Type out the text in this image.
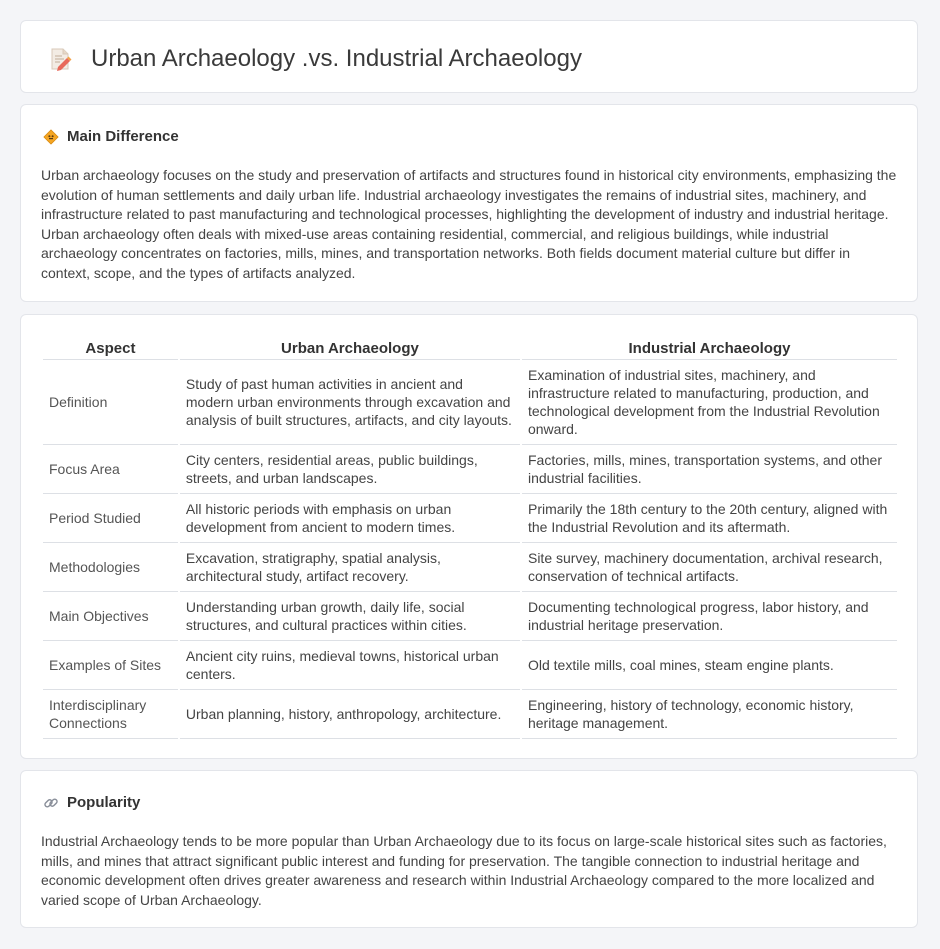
Urban Archaeology .vs. Industrial Archaeology
Main Difference

Urban archaeology focuses on the study and preservation of artifacts and structures found in historical city environments, emphasizing the evolution of human settlements and daily urban life. Industrial archaeology investigates the remains of industrial sites, machinery, and infrastructure related to past manufacturing and technological processes, highlighting the development of industry and industrial heritage. Urban archaeology often deals with mixed-use areas containing residential, commercial, and religious buildings, while industrial archaeology concentrates on factories, mills, mines, and transportation networks. Both fields document material culture but differ in context, scope, and the types of artifacts analyzed.

Aspect	Urban Archaeology	Industrial Archaeology
Definition	Study of past human activities in ancient and modern urban environments through excavation and analysis of built structures, artifacts, and city layouts.	Examination of industrial sites, machinery, and infrastructure related to manufacturing, production, and technological development from the Industrial Revolution onward.
Focus Area	City centers, residential areas, public buildings, streets, and urban landscapes.	Factories, mills, mines, transportation systems, and other industrial facilities.
Period Studied	All historic periods with emphasis on urban development from ancient to modern times.	Primarily the 18th century to the 20th century, aligned with the Industrial Revolution and its aftermath.
Methodologies	Excavation, stratigraphy, spatial analysis, architectural study, artifact recovery.	Site survey, machinery documentation, archival research, conservation of technical artifacts.
Main Objectives	Understanding urban growth, daily life, social structures, and cultural practices within cities.	Documenting technological progress, labor history, and industrial heritage preservation.
Examples of Sites	Ancient city ruins, medieval towns, historical urban centers.	Old textile mills, coal mines, steam engine plants.
Interdisciplinary Connections	Urban planning, history, anthropology, architecture.	Engineering, history of technology, economic history, heritage management.
Popularity

Industrial Archaeology tends to be more popular than Urban Archaeology due to its focus on large-scale historical sites such as factories, mills, and mines that attract significant public interest and funding for preservation. The tangible connection to industrial heritage and economic development often drives greater awareness and research within Industrial Archaeology compared to the more localized and varied scope of Urban Archaeology.
